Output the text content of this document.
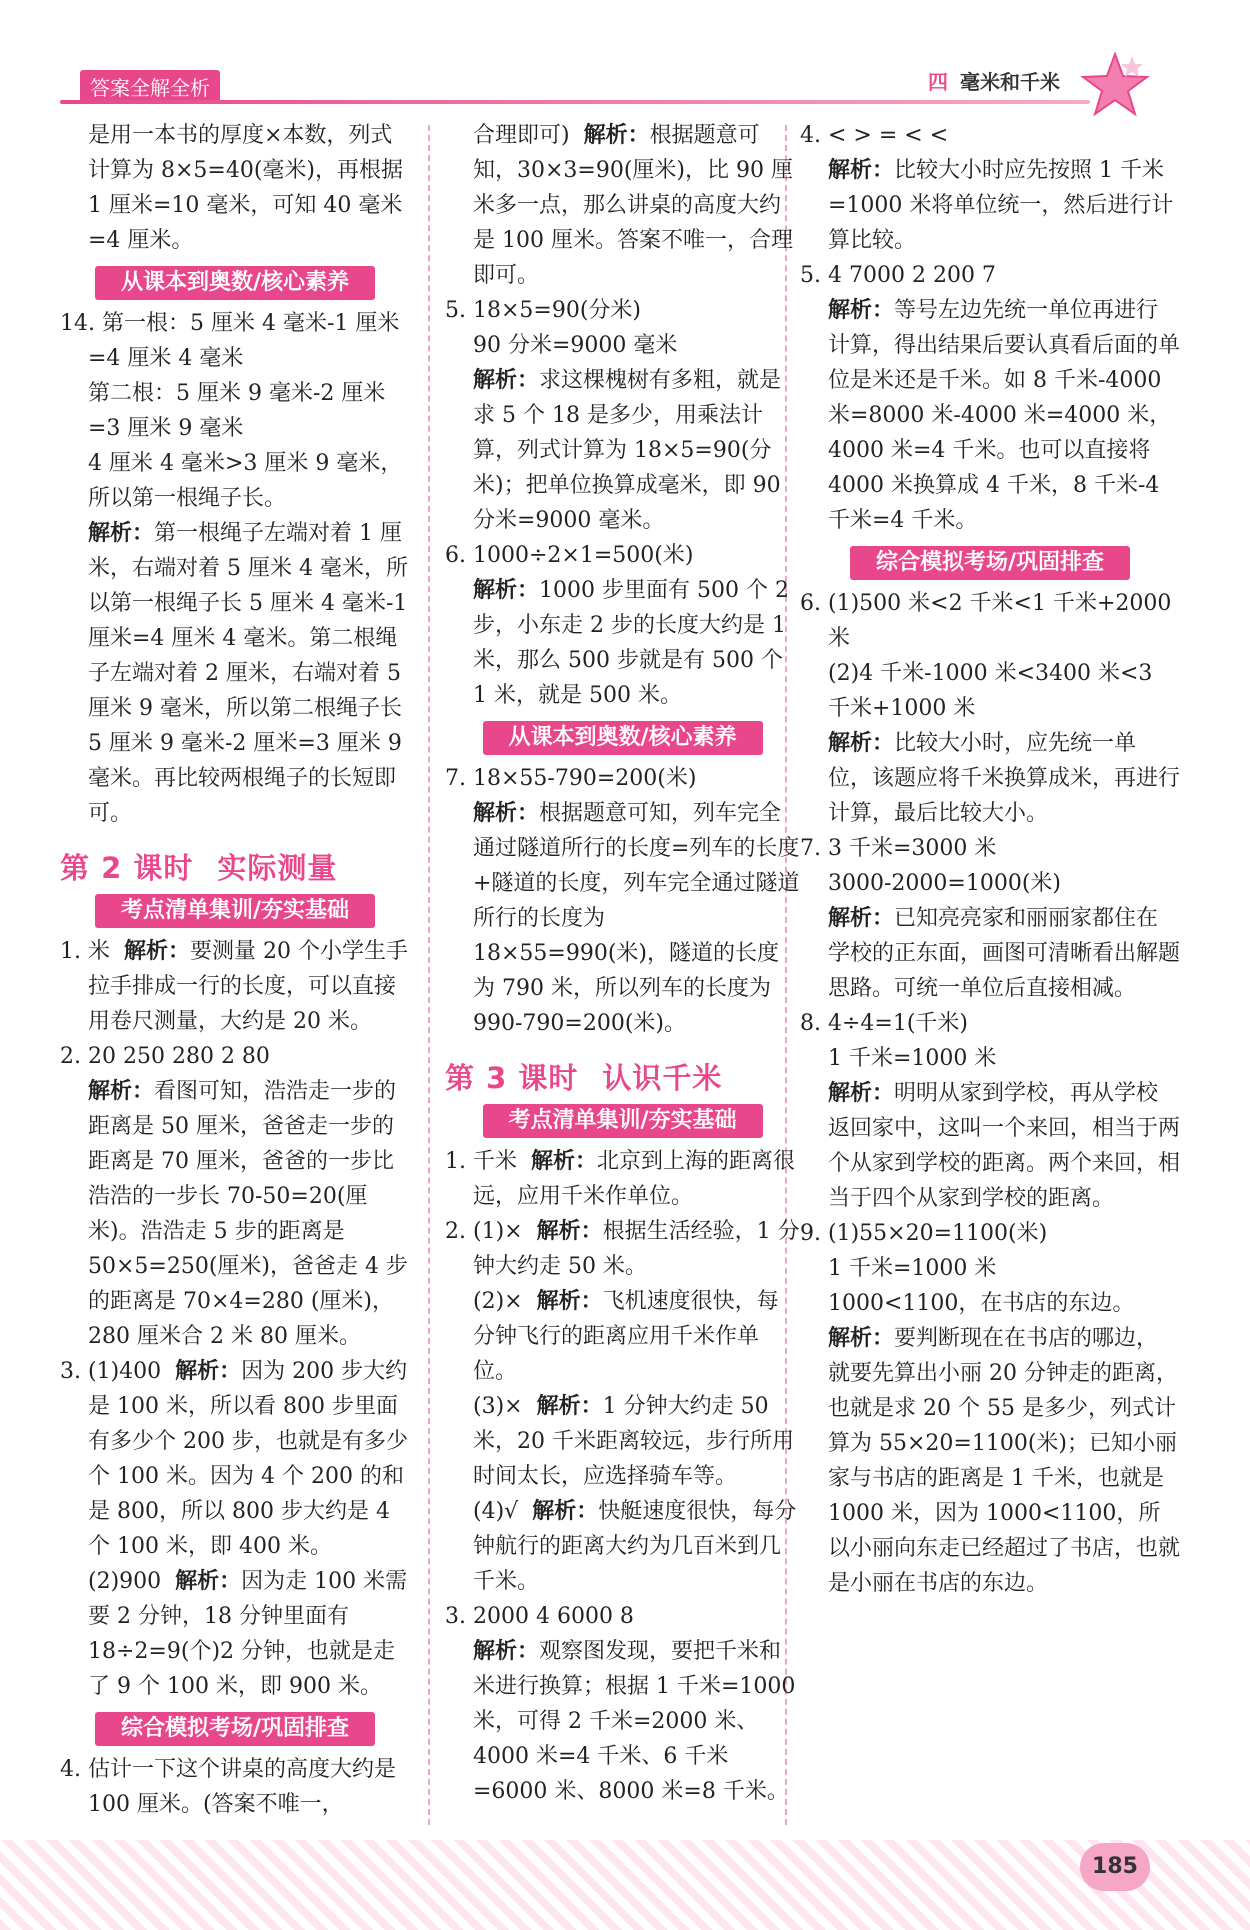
答案全解全析	四 毫米和千米

是用一本书的厚度×本数，列式计算为 8×5=40(毫米)，再根据 1 厘米=10 毫米，可知 40 毫米=4 厘米。

从课本到奥数/核心素养

14. 第一根：5 厘米 4 毫米-1 厘米=4 厘米 4 毫米

第二根：5 厘米 9 毫米-2 厘米=3 厘米 9 毫米

4 厘米 4 毫米>3 厘米 9 毫米，所以第一根绳子长。

解析：第一根绳子左端对着 1 厘米，右端对着 5 厘米 4 毫米，所以第一根绳子长 5 厘米 4 毫米-1 厘米=4 厘米 4 毫米。第二根绳子左端对着 2 厘米，右端对着 5 厘米 9 毫米，所以第二根绳子长 5 厘米 9 毫米-2 厘米=3 厘米 9 毫米。再比较两根绳子的长短即可。

第 2 课时 实际测量
考点清单集训/夯实基础

1. 米 解析：要测量 20 个小学生手拉手排成一行的长度，可以直接用卷尺测量，大约是 20 米。

2. 20 250 280 2 80

解析：看图可知，浩浩走一步的距离是 50 厘米，爸爸走一步的距离是 70 厘米，爸爸的一步比浩浩的一步长 70-50=20(厘米)。浩浩走 5 步的距离是 50×5=250(厘米)，爸爸走 4 步的距离是 70×4=280 (厘米)，280 厘米合 2 米 80 厘米。

3. (1)400 解析：因为 200 步大约是 100 米，所以看 800 步里面有多少个 200 步，也就是有多少个 100 米。因为 4 个 200 的和是 800，所以 800 步大约是 4 个 100 米，即 400 米。

(2)900 解析：因为走 100 米需要 2 分钟，18 分钟里面有 18÷2=9(个)2 分钟，也就是走了 9 个 100 米，即 900 米。

综合模拟考场/巩固排查

4. 估计一下这个讲桌的高度大约是 100 厘米。(答案不唯一，

合理即可) 解析：根据题意可知，30×3=90(厘米)，比 90 厘米多一点，那么讲桌的高度大约是 100 厘米。答案不唯一，合理即可。

5. 18×5=90(分米)

90 分米=9000 毫米

解析：求这棵槐树有多粗，就是求 5 个 18 是多少，用乘法计算，列式计算为 18×5=90(分米)；把单位换算成毫米，即 90 分米=9000 毫米。

6. 1000÷2×1=500(米)

解析：1000 步里面有 500 个 2 步，小东走 2 步的长度大约是 1 米，那么 500 步就是有 500 个 1 米，就是 500 米。

从课本到奥数/核心素养

7. 18×55-790=200(米)

解析：根据题意可知，列车完全通过隧道所行的长度=列车的长度+隧道的长度，列车完全通过隧道所行的长度为 18×55=990(米)，隧道的长度为 790 米，所以列车的长度为 990-790=200(米)。

第 3 课时 认识千米
考点清单集训/夯实基础

1. 千米 解析：北京到上海的距离很远，应用千米作单位。

2. (1)× 解析：根据生活经验，1 分钟大约走 50 米。

(2)× 解析：飞机速度很快，每分钟飞行的距离应用千米作单位。

(3)× 解析：1 分钟大约走 50 米，20 千米距离较远，步行所用时间太长，应选择骑车等。

(4)√ 解析：快艇速度很快，每分钟航行的距离大约为几百米到几千米。

3. 2000 4 6000 8

解析：观察图发现，要把千米和米进行换算；根据 1 千米=1000 米，可得 2 千米=2000 米、4000 米=4 千米、6 千米=6000 米、8000 米=8 千米。

4. < > = < <

解析：比较大小时应先按照 1 千米=1000 米将单位统一，然后进行计算比较。

5. 4 7000 2 200 7

解析：等号左边先统一单位再进行计算，得出结果后要认真看后面的单位是米还是千米。如 8 千米-4000 米=8000 米-4000 米=4000 米，4000 米=4 千米。也可以直接将 4000 米换算成 4 千米，8 千米-4 千米=4 千米。

综合模拟考场/巩固排查

6. (1)500 米<2 千米<1 千米+2000 米

(2)4 千米-1000 米<3400 米<3 千米+1000 米

解析：比较大小时，应先统一单位，该题应将千米换算成米，再进行计算，最后比较大小。

7. 3 千米=3000 米

3000-2000=1000(米)

解析：已知亮亮家和丽丽家都住在学校的正东面，画图可清晰看出解题思路。可统一单位后直接相减。

8. 4÷4=1(千米)

1 千米=1000 米

解析：明明从家到学校，再从学校返回家中，这叫一个来回，相当于两个从家到学校的距离。两个来回，相当于四个从家到学校的距离。

9. (1)55×20=1100(米)

1 千米=1000 米

1000<1100，在书店的东边。

解析：要判断现在在书店的哪边，就要先算出小丽 20 分钟走的距离，也就是求 20 个 55 是多少，列式计算为 55×20=1100(米)；已知小丽家与书店的距离是 1 千米，也就是 1000 米，因为 1000<1100，所以小丽向东走已经超过了书店，也就是小丽在书店的东边。

185
